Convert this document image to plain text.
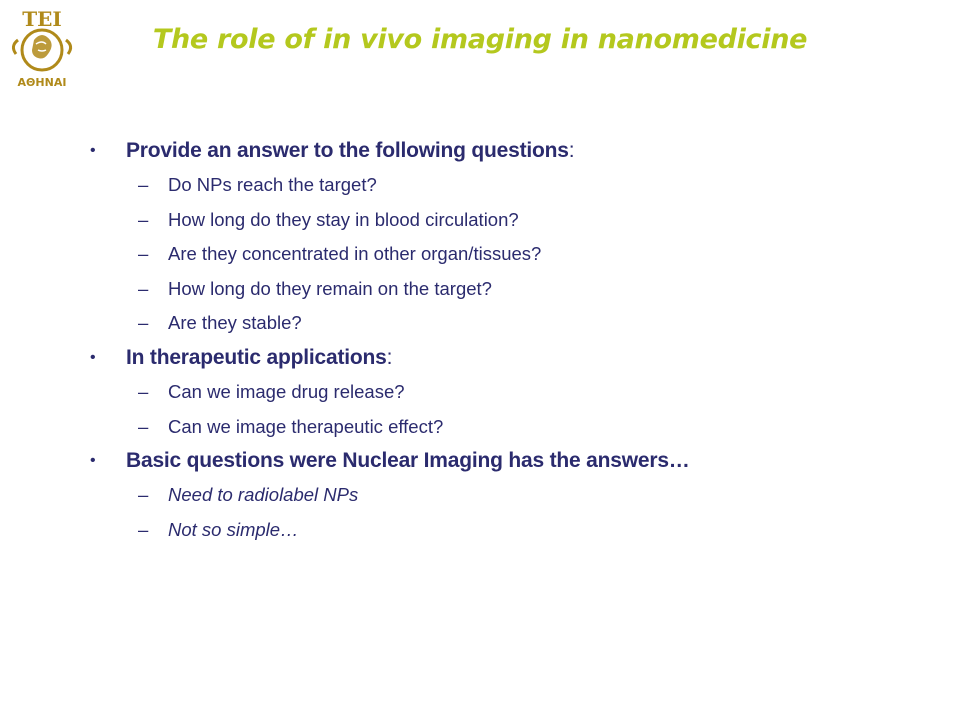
ΤΕΙ
ΑΘΗΝΑΙ
The role of in vivo imaging in nanomedicine
• Provide an answer to the following questions:
– Do NPs reach the target?
– How long do they stay in blood circulation?
– Are they concentrated in other organ/tissues?
– How long do they remain on the target?
– Are they stable?
• In therapeutic applications:
– Can we image drug release?
– Can we image therapeutic effect?
• Basic questions were Nuclear Imaging has the answers…
– Need to radiolabel NPs
– Not so simple…
